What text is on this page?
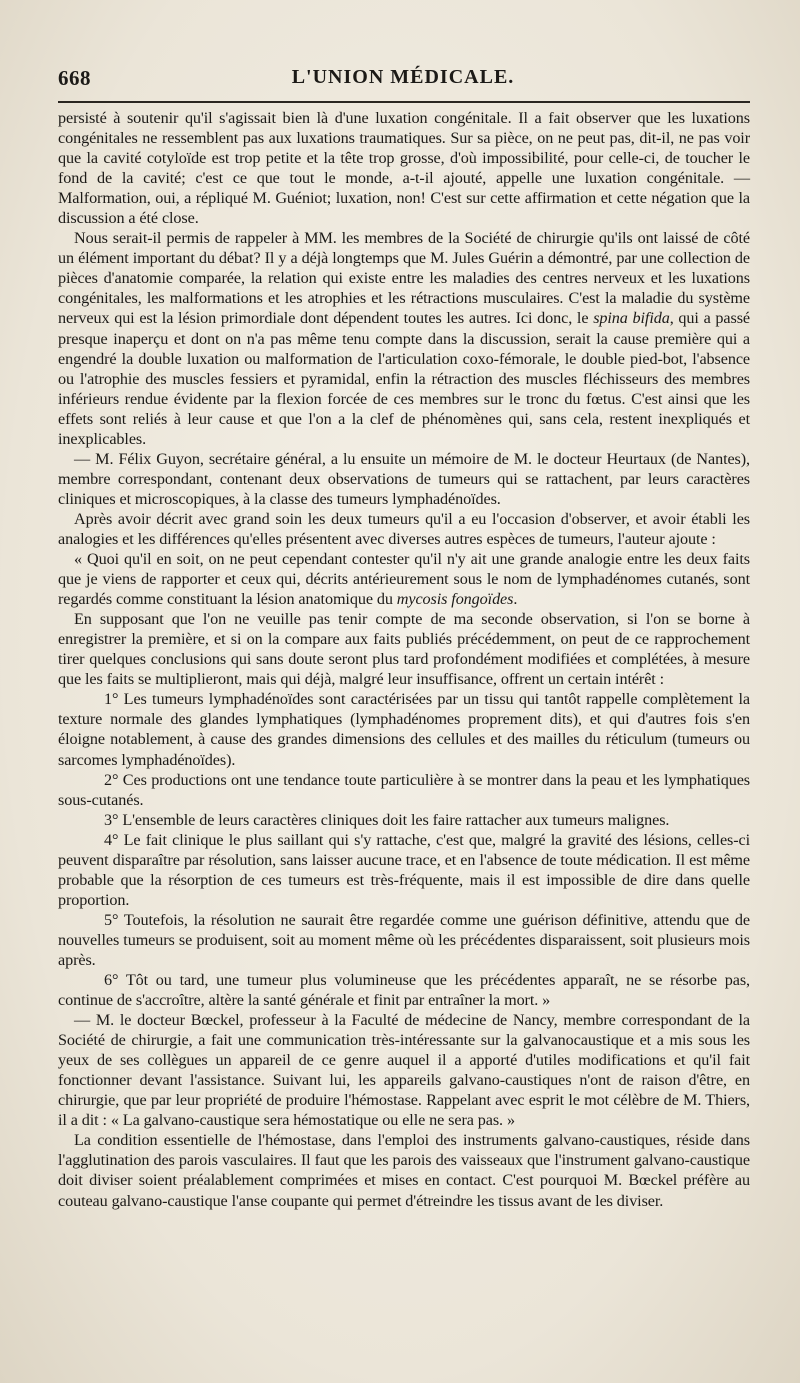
668	L'UNION MÉDICALE.

persisté à soutenir qu'il s'agissait bien là d'une luxation congénitale. Il a fait observer que les luxations congénitales ne ressemblent pas aux luxations traumatiques. Sur sa pièce, on ne peut pas, dit-il, ne pas voir que la cavité cotyloïde est trop petite et la tête trop grosse, d'où impossibilité, pour celle-ci, de toucher le fond de la cavité; c'est ce que tout le monde, a-t-il ajouté, appelle une luxation congénitale. — Malformation, oui, a répliqué M. Guéniot; luxation, non! C'est sur cette affirmation et cette négation que la discussion a été close.

Nous serait-il permis de rappeler à MM. les membres de la Société de chirurgie qu'ils ont laissé de côté un élément important du débat? Il y a déjà longtemps que M. Jules Guérin a démontré, par une collection de pièces d'anatomie comparée, la relation qui existe entre les maladies des centres nerveux et les luxations congénitales, les malformations et les atrophies et les rétractions musculaires. C'est la maladie du système nerveux qui est la lésion primordiale dont dépendent toutes les autres. Ici donc, le spina bifida, qui a passé presque inaperçu et dont on n'a pas même tenu compte dans la discussion, serait la cause première qui a engendré la double luxation ou malformation de l'articulation coxo-fémorale, le double pied-bot, l'absence ou l'atrophie des muscles fessiers et pyramidal, enfin la rétraction des muscles fléchisseurs des membres inférieurs rendue évidente par la flexion forcée de ces membres sur le tronc du fœtus. C'est ainsi que les effets sont reliés à leur cause et que l'on a la clef de phénomènes qui, sans cela, restent inexpliqués et inexplicables.

— M. Félix Guyon, secrétaire général, a lu ensuite un mémoire de M. le docteur Heurtaux (de Nantes), membre correspondant, contenant deux observations de tumeurs qui se rattachent, par leurs caractères cliniques et microscopiques, à la classe des tumeurs lymphadénoïdes.

Après avoir décrit avec grand soin les deux tumeurs qu'il a eu l'occasion d'observer, et avoir établi les analogies et les différences qu'elles présentent avec diverses autres espèces de tumeurs, l'auteur ajoute :

« Quoi qu'il en soit, on ne peut cependant contester qu'il n'y ait une grande analogie entre les deux faits que je viens de rapporter et ceux qui, décrits antérieurement sous le nom de lymphadénomes cutanés, sont regardés comme constituant la lésion anatomique du mycosis fongoïdes.

En supposant que l'on ne veuille pas tenir compte de ma seconde observation, si l'on se borne à enregistrer la première, et si on la compare aux faits publiés précédemment, on peut de ce rapprochement tirer quelques conclusions qui sans doute seront plus tard profondément modifiées et complétées, à mesure que les faits se multiplieront, mais qui déjà, malgré leur insuffisance, offrent un certain intérêt :

1° Les tumeurs lymphadénoïdes sont caractérisées par un tissu qui tantôt rappelle complètement la texture normale des glandes lymphatiques (lymphadénomes proprement dits), et qui d'autres fois s'en éloigne notablement, à cause des grandes dimensions des cellules et des mailles du réticulum (tumeurs ou sarcomes lymphadénoïdes).

2° Ces productions ont une tendance toute particulière à se montrer dans la peau et les lymphatiques sous-cutanés.

3° L'ensemble de leurs caractères cliniques doit les faire rattacher aux tumeurs malignes.

4° Le fait clinique le plus saillant qui s'y rattache, c'est que, malgré la gravité des lésions, celles-ci peuvent disparaître par résolution, sans laisser aucune trace, et en l'absence de toute médication. Il est même probable que la résorption de ces tumeurs est très-fréquente, mais il est impossible de dire dans quelle proportion.

5° Toutefois, la résolution ne saurait être regardée comme une guérison définitive, attendu que de nouvelles tumeurs se produisent, soit au moment même où les précédentes disparaissent, soit plusieurs mois après.

6° Tôt ou tard, une tumeur plus volumineuse que les précédentes apparaît, ne se résorbe pas, continue de s'accroître, altère la santé générale et finit par entraîner la mort. »

— M. le docteur Bœckel, professeur à la Faculté de médecine de Nancy, membre correspondant de la Société de chirurgie, a fait une communication très-intéressante sur la galvanocaustique et a mis sous les yeux de ses collègues un appareil de ce genre auquel il a apporté d'utiles modifications et qu'il fait fonctionner devant l'assistance. Suivant lui, les appareils galvano-caustiques n'ont de raison d'être, en chirurgie, que par leur propriété de produire l'hémostase. Rappelant avec esprit le mot célèbre de M. Thiers, il a dit : « La galvano-caustique sera hémostatique ou elle ne sera pas. »

La condition essentielle de l'hémostase, dans l'emploi des instruments galvano-caustiques, réside dans l'agglutination des parois vasculaires. Il faut que les parois des vaisseaux que l'instrument galvano-caustique doit diviser soient préalablement comprimées et mises en contact. C'est pourquoi M. Bœckel préfère au couteau galvano-caustique l'anse coupante qui permet d'étreindre les tissus avant de les diviser.
